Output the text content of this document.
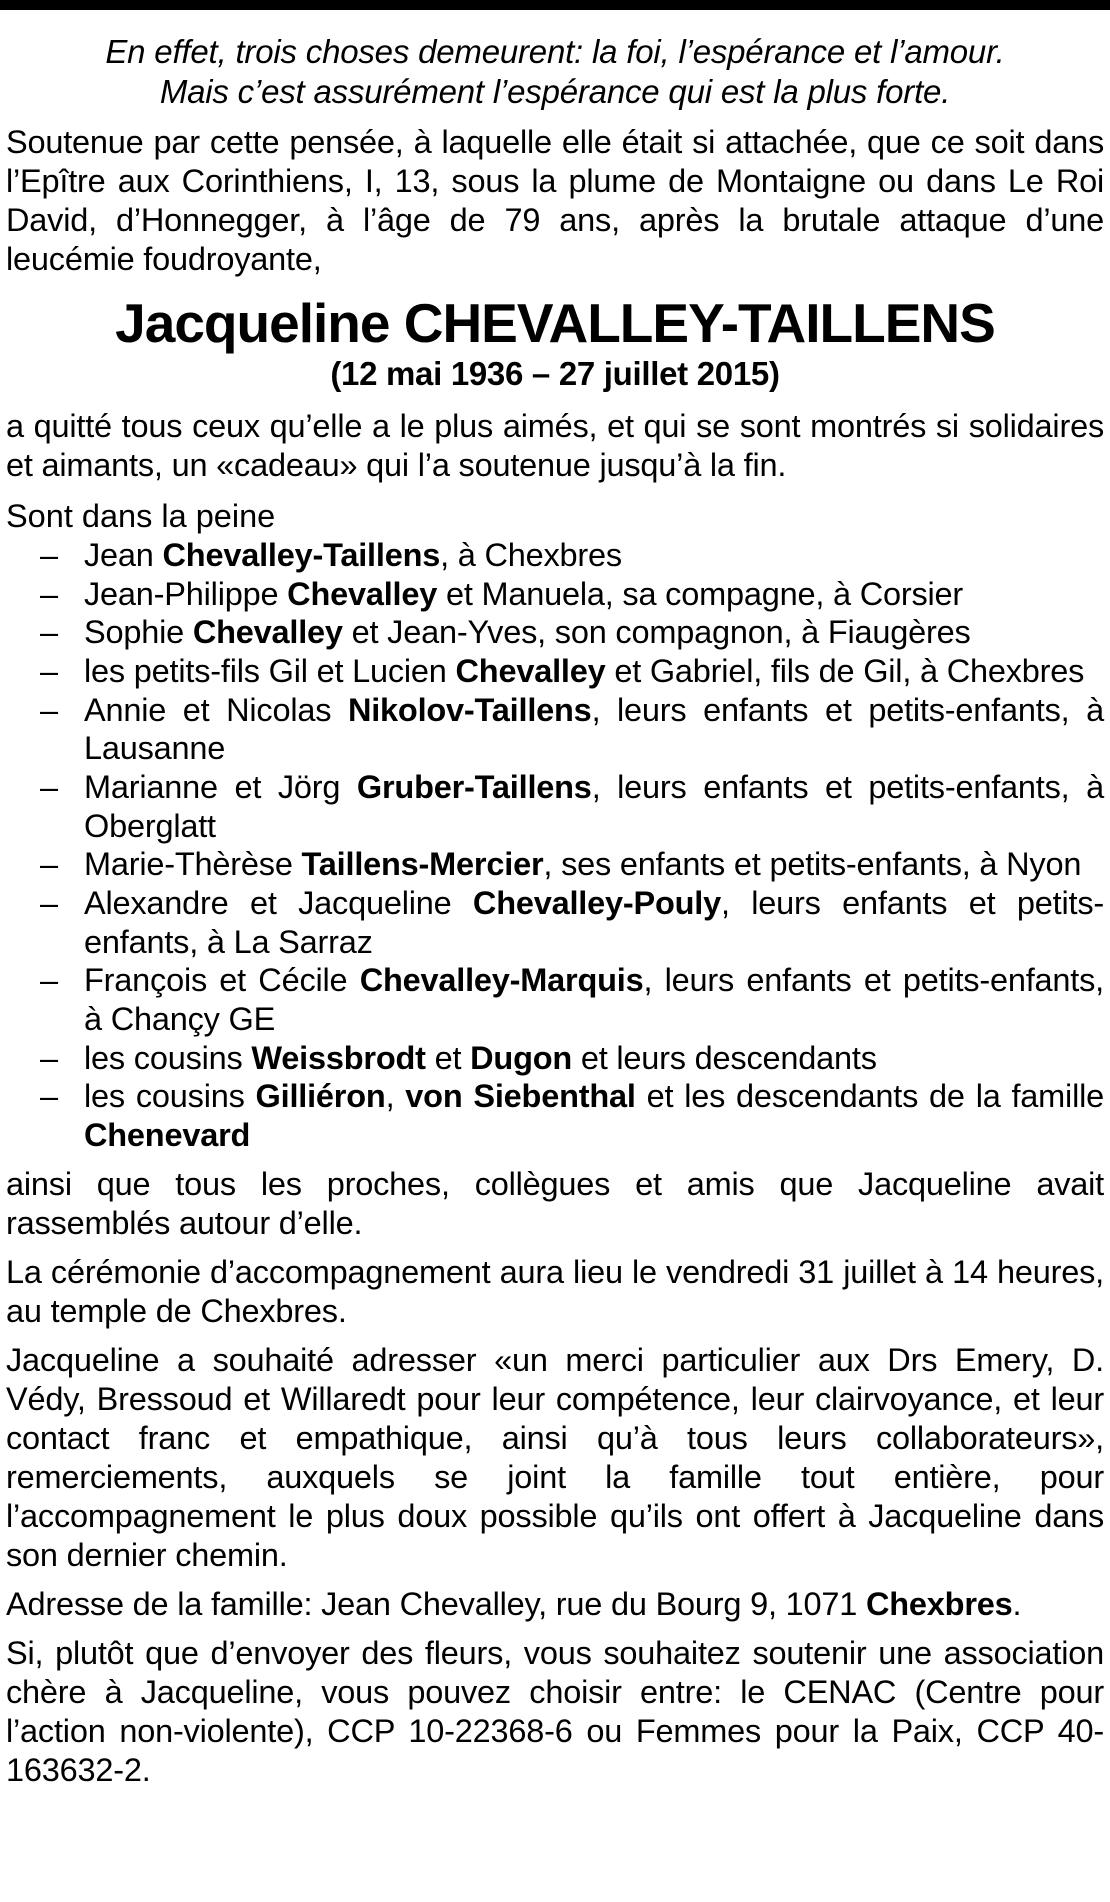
En effet, trois choses demeurent: la foi, l’espérance et l’amour.
Mais c’est assurément l’espérance qui est la plus forte.

Soutenue par cette pensée, à laquelle elle était si attachée, que ce soit dans l’Epître aux Corinthiens, I, 13, sous la plume de Montaigne ou dans Le Roi David, d’Honnegger, à l’âge de 79 ans, après la brutale attaque d’une leucémie foudroyante,

Jacqueline CHEVALLEY-TAILLENS
(12 mai 1936 – 27 juillet 2015)

a quitté tous ceux qu’elle a le plus aimés, et qui se sont montrés si solidaires et aimants, un «cadeau» qui l’a soutenue jusqu’à la fin.

Sont dans la peine
– Jean Chevalley-Taillens, à Chexbres
– Jean-Philippe Chevalley et Manuela, sa compagne, à Corsier
– Sophie Chevalley et Jean-Yves, son compagnon, à Fiaugères
– les petits-fils Gil et Lucien Chevalley et Gabriel, fils de Gil, à Chexbres
– Annie et Nicolas Nikolov-Taillens, leurs enfants et petits-enfants, à Lausanne
– Marianne et Jörg Gruber-Taillens, leurs enfants et petits-enfants, à Oberglatt
– Marie-Thèrèse Taillens-Mercier, ses enfants et petits-enfants, à Nyon
– Alexandre et Jacqueline Chevalley-Pouly, leurs enfants et petits-enfants, à La Sarraz
– François et Cécile Chevalley-Marquis, leurs enfants et petits-enfants, à Chançy GE
– les cousins Weissbrodt et Dugon et leurs descendants
– les cousins Gilliéron, von Siebenthal et les descendants de la famille Chenevard

ainsi que tous les proches, collègues et amis que Jacqueline avait rassemblés autour d’elle.

La cérémonie d’accompagnement aura lieu le vendredi 31 juillet à 14 heures, au temple de Chexbres.

Jacqueline a souhaité adresser «un merci particulier aux Drs Emery, D. Védy, Bressoud et Willaredt pour leur compétence, leur clairvoyance, et leur contact franc et empathique, ainsi qu’à tous leurs collaborateurs», remerciements, auxquels se joint la famille tout entière, pour l’accompagnement le plus doux possible qu’ils ont offert à Jacqueline dans son dernier chemin.

Adresse de la famille: Jean Chevalley, rue du Bourg 9, 1071 Chexbres.

Si, plutôt que d’envoyer des fleurs, vous souhaitez soutenir une association chère à Jacqueline, vous pouvez choisir entre: le CENAC (Centre pour l’action non-violente), CCP 10-22368-6 ou Femmes pour la Paix, CCP 40-163632-2.
